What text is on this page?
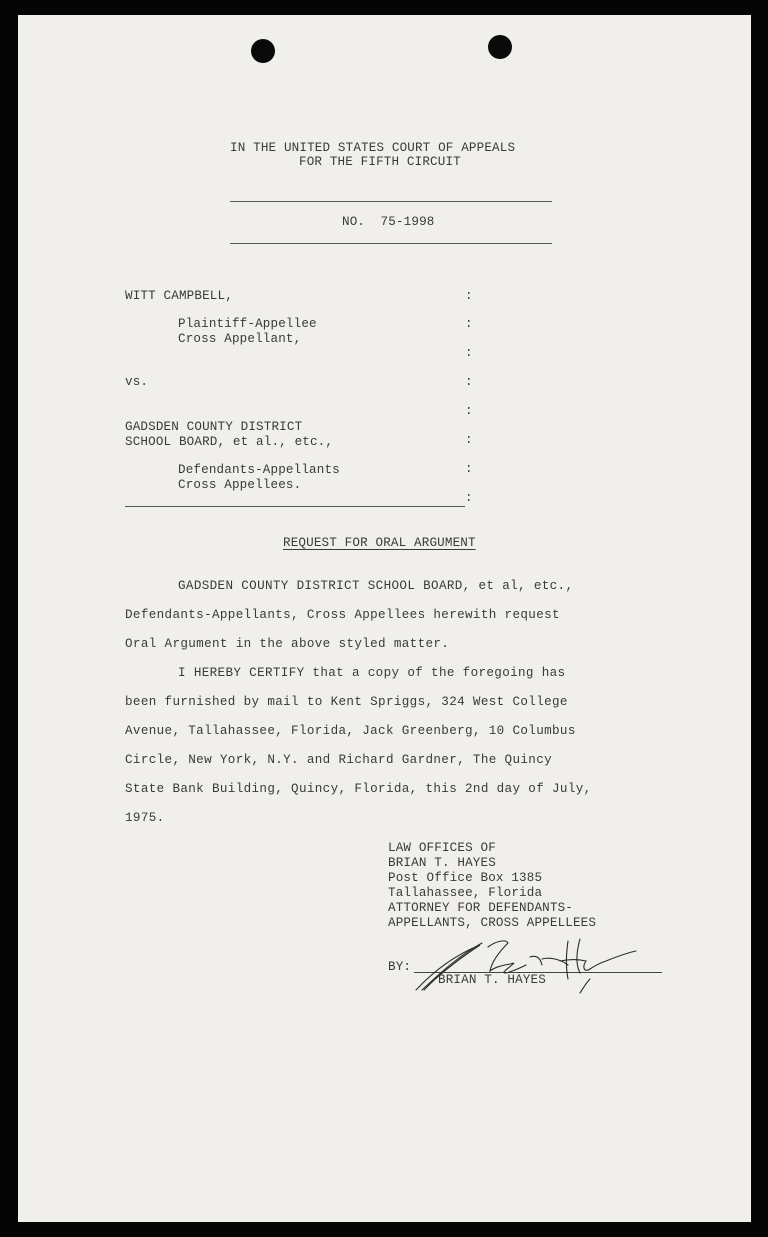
IN THE UNITED STATES COURT OF APPEALS
FOR THE FIFTH CIRCUIT
NO.  75-1998
WITT CAMPBELL,
Plaintiff-Appellee
Cross Appellant,
vs.
GADSDEN COUNTY DISTRICT
SCHOOL BOARD, et al., etc.,
Defendants-Appellants
Cross Appellees.
:
:
:
:
:
:
:
:
REQUEST FOR ORAL ARGUMENT
GADSDEN COUNTY DISTRICT SCHOOL BOARD, et al, etc.,
Defendants-Appellants, Cross Appellees herewith request
Oral Argument in the above styled matter.
I HEREBY CERTIFY that a copy of the foregoing has
been furnished by mail to Kent Spriggs, 324 West College
Avenue, Tallahassee, Florida, Jack Greenberg, 10 Columbus
Circle, New York, N.Y. and Richard Gardner, The Quincy
State Bank Building, Quincy, Florida, this 2nd day of July,
1975.
LAW OFFICES OF
BRIAN T. HAYES
Post Office Box 1385
Tallahassee, Florida
ATTORNEY FOR DEFENDANTS-
APPELLANTS, CROSS APPELLEES
BY:
BRIAN T. HAYES
